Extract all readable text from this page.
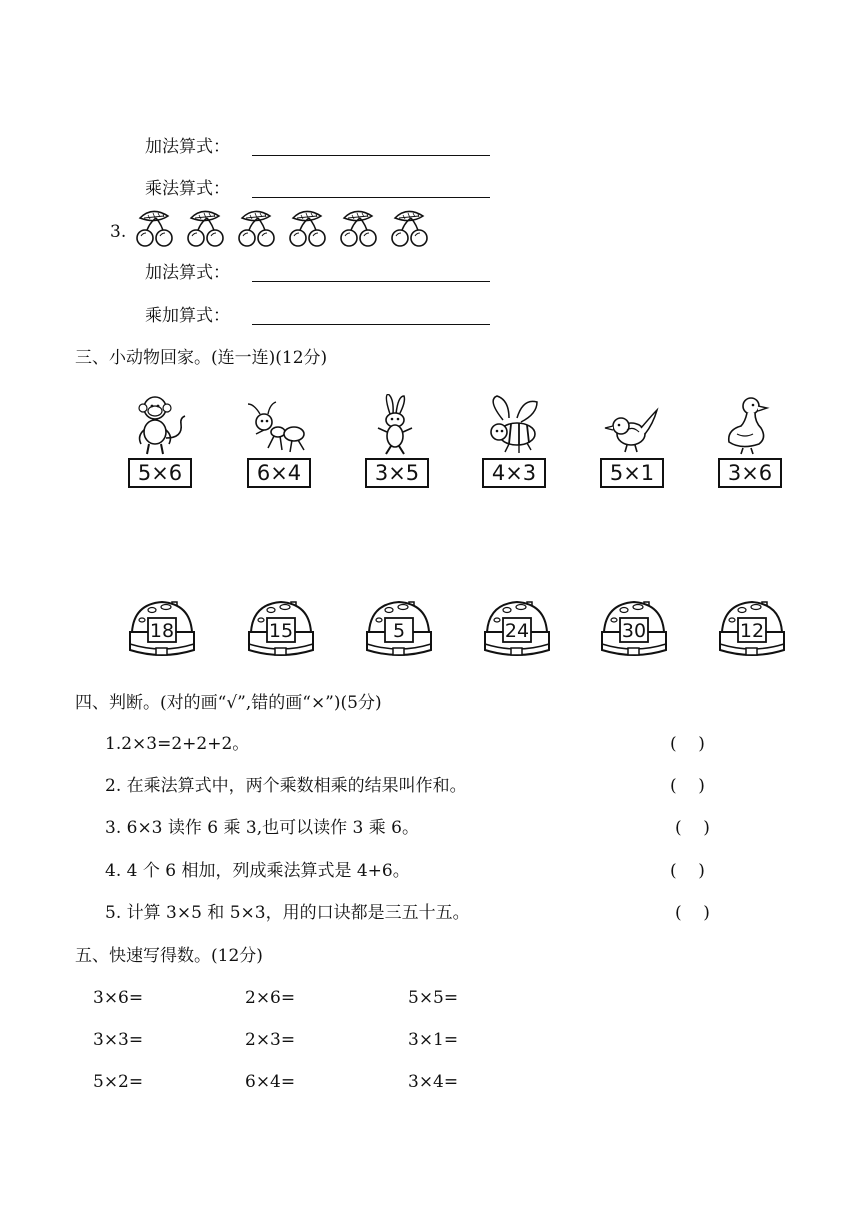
加法算式：
乘法算式：
3.
加法算式：
乘加算式：
三、小动物回家。(连一连)(12分)
5×6	6×4	3×5	4×3	5×1	3×6
18	15	5	24	30	12
四、判断。(对的画“√”,错的画“×”)(5分)
1.2×3=2+2+2。	(    )
2. 在乘法算式中，两个乘数相乘的结果叫作和。	(    )
3. 6×3 读作 6 乘 3,也可以读作 3 乘 6。	(    )
4. 4 个 6 相加，列成乘法算式是 4+6。	(    )
5. 计算 3×5 和 5×3，用的口诀都是三五十五。	(    )
五、快速写得数。(12分)
3×6=	2×6=	5×5=
3×3=	2×3=	3×1=
5×2=	6×4=	3×4=
